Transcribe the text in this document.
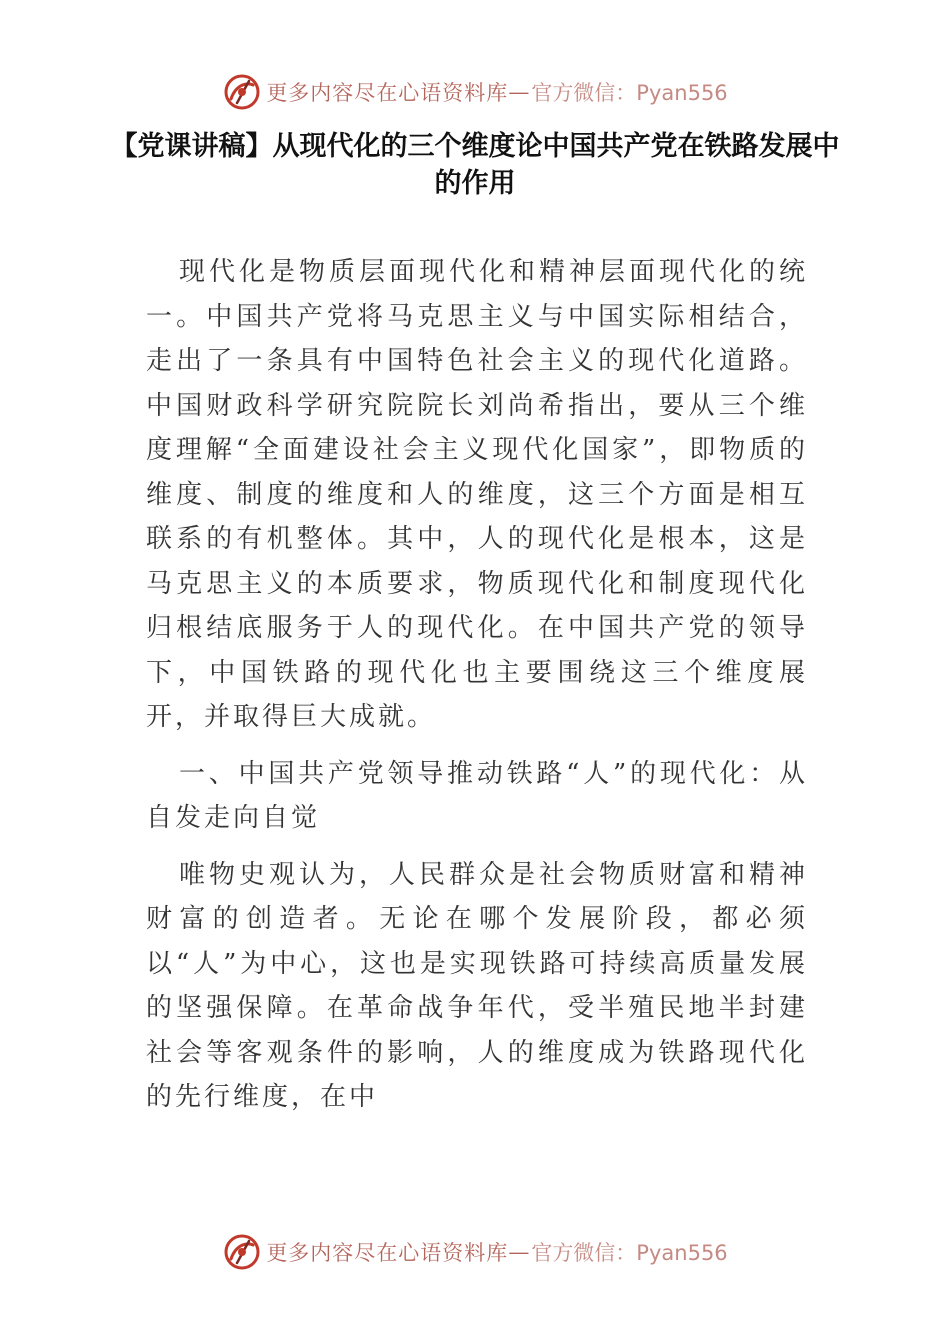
更多内容尽在心语资料库 — 官方微信：Pyan556
【党课讲稿】从现代化的三个维度论中国共产党在铁路发展中的作用

现代化是物质层面现代化和精神层面现代化的统一。中国共产党将马克思主义与中国实际相结合，走出了一条具有中国特色社会主义的现代化道路。中国财政科学研究院院长刘尚希指出，要从三个维度理解“全面建设社会主义现代化国家”，即物质的维度、制度的维度和人的维度，这三个方面是相互联系的有机整体。其中，人的现代化是根本，这是马克思主义的本质要求，物质现代化和制度现代化归根结底服务于人的现代化。在中国共产党的领导下，中国铁路的现代化也主要围绕这三个维度展开，并取得巨大成就。

一、中国共产党领导推动铁路“人”的现代化：从自发走向自觉

唯物史观认为，人民群众是社会物质财富和精神财富的创造者。无论在哪个发展阶段，都必须以“人”为中心，这也是实现铁路可持续高质量发展的坚强保障。在革命战争年代，受半殖民地半封建社会等客观条件的影响，人的维度成为铁路现代化的先行维度，在中

更多内容尽在心语资料库 — 官方微信：Pyan556
